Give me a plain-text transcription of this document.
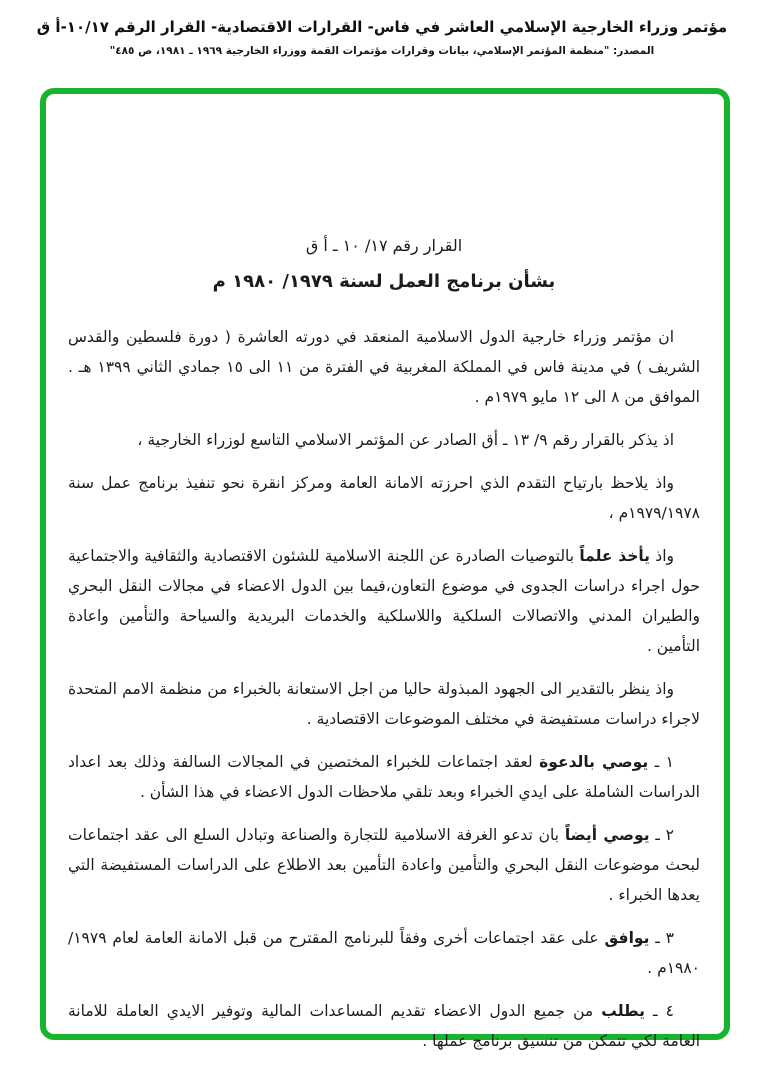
مؤتمر وزراء الخارجية الإسلامي العاشر في فاس- القرارات الاقتصادية- القرار الرقم ١٠/١٧-أ ق
المصدر: "منظمة المؤتمر الإسلامي، بيانات وقرارات مؤتمرات القمة ووزراء الخارجية ١٩٦٩ ـ ١٩٨١، ص ٤٨٥"
القرار رقم ١٧/ ١٠ ـ أ ق
بشأن برنامج العمل لسنة ١٩٧٩/ ١٩٨٠ م

ان مؤتمر وزراء خارجية الدول الاسلامية المنعقد في دورته العاشرة ( دورة فلسطين والقدس الشريف ) في مدينة فاس في المملكة المغربية في الفترة من ١١ الى ١٥ جمادي الثاني ١٣٩٩ هـ . الموافق من ٨ الى ١٢ مايو ١٩٧٩م .

اذ يذكر بالقرار رقم ٩/ ١٣ ـ أق الصادر عن المؤتمر الاسلامي التاسع لوزراء الخارجية ،

واذ يلاحظ بارتياح التقدم الذي احرزته الامانة العامة ومركز انقرة نحو تنفيذ برنامج عمل سنة ١٩٧٩/١٩٧٨م ،

واذ يأخذ علماً بالتوصيات الصادرة عن اللجنة الاسلامية للشئون الاقتصادية والثقافية والاجتماعية حول اجراء دراسات الجدوى في موضوع التعاون،فيما بين الدول الاعضاء في مجالات النقل البحري والطيران المدني والاتصالات السلكية واللاسلكية والخدمات البريدية والسياحة والتأمين واعادة التأمين .

واذ ينظر بالتقدير الى الجهود المبذولة حاليا من اجل الاستعانة بالخبراء من منظمة الامم المتحدة لاجراء دراسات مستفيضة في مختلف الموضوعات الاقتصادية .

١ ـ يوصي بالدعوة لعقد اجتماعات للخبراء المختصين في المجالات السالفة وذلك بعد اعداد الدراسات الشاملة على ايدي الخبراء وبعد تلقي ملاحظات الدول الاعضاء في هذا الشأن .

٢ ـ يوصي أيضاً بان تدعو الغرفة الاسلامية للتجارة والصناعة وتبادل السلع الى عقد اجتماعات لبحث موضوعات النقل البحري والتأمين واعادة التأمين بعد الاطلاع على الدراسات المستفيضة التي يعدها الخبراء .

٣ ـ يوافق على عقد اجتماعات أخرى وفقاً للبرنامج المقترح من قبل الامانة العامة لعام ١٩٧٩/ ١٩٨٠م .

٤ ـ يطلب من جميع الدول الاعضاء تقديم المساعدات المالية وتوفير الايدي العاملة للامانة العامة لكي تتمكن من تنسيق برنامج عملها .
